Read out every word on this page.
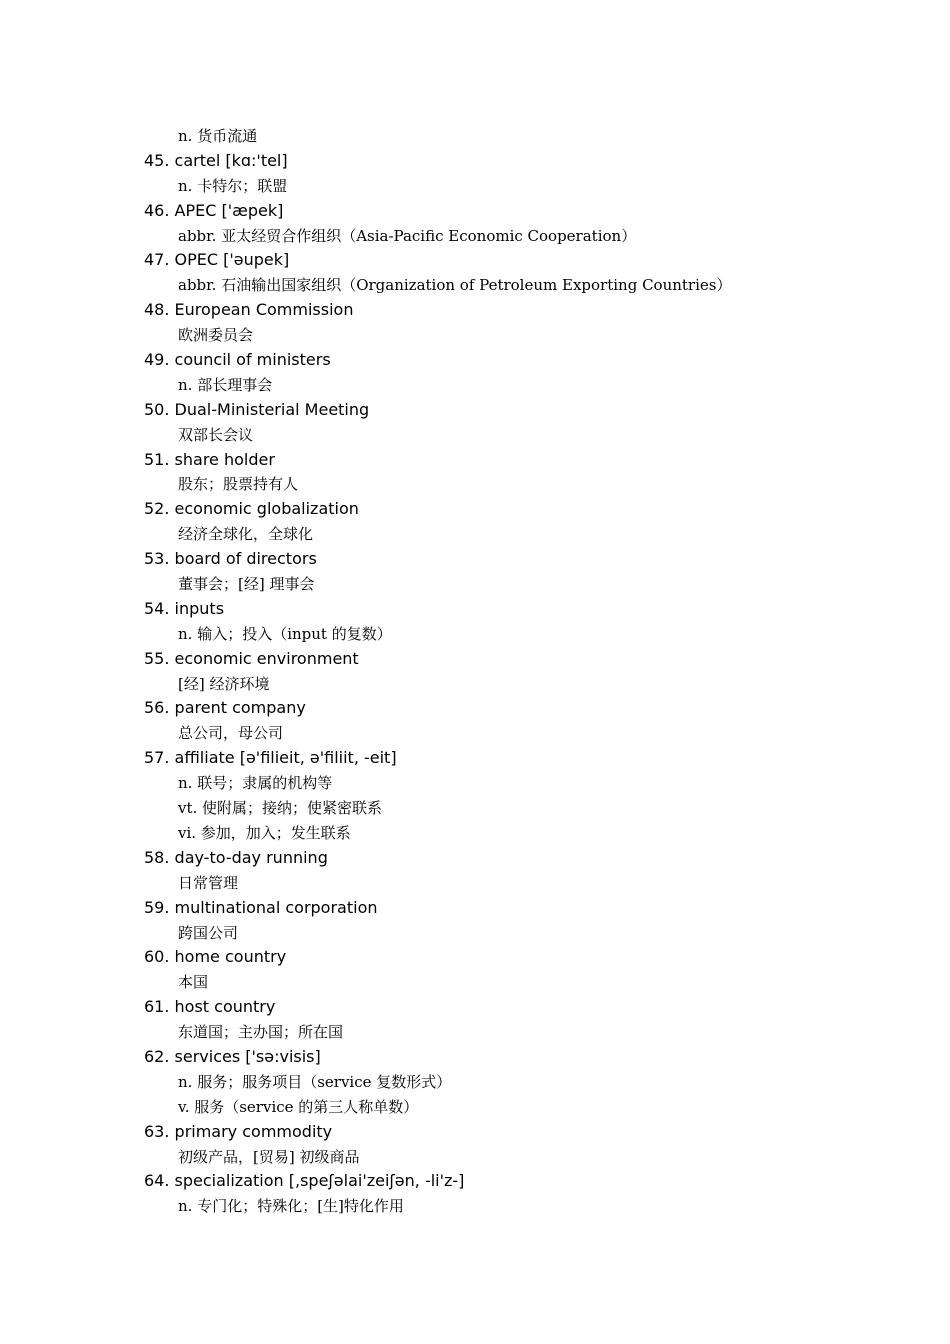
n. 货币流通
45. cartel [kɑ:'tel]
n. 卡特尔；联盟
46. APEC ['æpek]
abbr. 亚太经贸合作组织（Asia-Pacific Economic Cooperation）
47. OPEC ['əupek]
abbr. 石油输出国家组织（Organization of Petroleum Exporting Countries）
48. European Commission
欧洲委员会
49. council of ministers
n. 部长理事会
50. Dual-Ministerial Meeting
双部长会议
51. share holder
股东；股票持有人
52. economic globalization
经济全球化，全球化
53. board of directors
董事会；[经] 理事会
54. inputs
n. 输入；投入（input 的复数）
55. economic environment
[经] 经济环境
56. parent company
总公司，母公司
57. affiliate [ə'filieit, ə'filiit, -eit]
n. 联号；隶属的机构等
vt. 使附属；接纳；使紧密联系
vi. 参加，加入；发生联系
58. day-to-day running
日常管理
59. multinational corporation
跨国公司
60. home country
本国
61. host country
东道国；主办国；所在国
62. services ['sə:visis]
n. 服务；服务项目（service 复数形式）
v. 服务（service 的第三人称单数）
63. primary commodity
初级产品，[贸易] 初级商品
64. specialization [,speʃəlai'zeiʃən, -li'z-]
n. 专门化；特殊化；[生]特化作用
